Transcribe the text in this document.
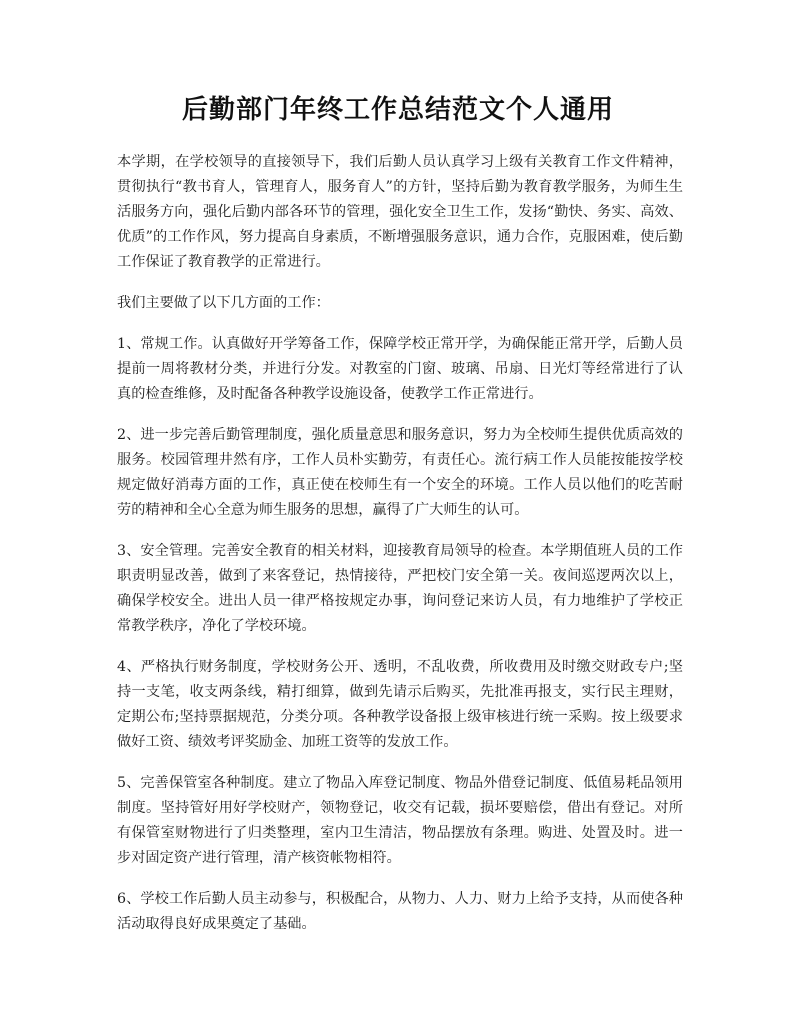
后勤部门年终工作总结范文个人通用

本学期，在学校领导的直接领导下，我们后勤人员认真学习上级有关教育工作文件精神，贯彻执行“教书育人，管理育人，服务育人”的方针，坚持后勤为教育教学服务，为师生生活服务方向，强化后勤内部各环节的管理，强化安全卫生工作，发扬“勤快、务实、高效、优质”的工作作风，努力提高自身素质，不断增强服务意识，通力合作，克服困难，使后勤工作保证了教育教学的正常进行。

我们主要做了以下几方面的工作：

1、常规工作。认真做好开学筹备工作，保障学校正常开学，为确保能正常开学，后勤人员提前一周将教材分类，并进行分发。对教室的门窗、玻璃、吊扇、日光灯等经常进行了认真的检查维修，及时配备各种教学设施设备，使教学工作正常进行。

2、进一步完善后勤管理制度，强化质量意思和服务意识，努力为全校师生提供优质高效的服务。校园管理井然有序，工作人员朴实勤劳，有责任心。流行病工作人员能按能按学校规定做好消毒方面的工作，真正使在校师生有一个安全的环境。工作人员以他们的吃苦耐劳的精神和全心全意为师生服务的思想，赢得了广大师生的认可。

3、安全管理。完善安全教育的相关材料，迎接教育局领导的检查。本学期值班人员的工作职责明显改善，做到了来客登记，热情接待，严把校门安全第一关。夜间巡逻两次以上，确保学校安全。进出人员一律严格按规定办事，询问登记来访人员，有力地维护了学校正常教学秩序，净化了学校环境。

4、严格执行财务制度，学校财务公开、透明，不乱收费，所收费用及时缴交财政专户;坚持一支笔，收支两条线，精打细算，做到先请示后购买，先批准再报支，实行民主理财，定期公布;坚持票据规范，分类分项。各种教学设备报上级审核进行统一采购。按上级要求做好工资、绩效考评奖励金、加班工资等的发放工作。

5、完善保管室各种制度。建立了物品入库登记制度、物品外借登记制度、低值易耗品领用制度。坚持管好用好学校财产，领物登记，收交有记载，损坏要赔偿，借出有登记。对所有保管室财物进行了归类整理，室内卫生清洁，物品摆放有条理。购进、处置及时。进一步对固定资产进行管理，清产核资帐物相符。

6、学校工作后勤人员主动参与，积极配合，从物力、人力、财力上给予支持，从而使各种活动取得良好成果奠定了基础。
